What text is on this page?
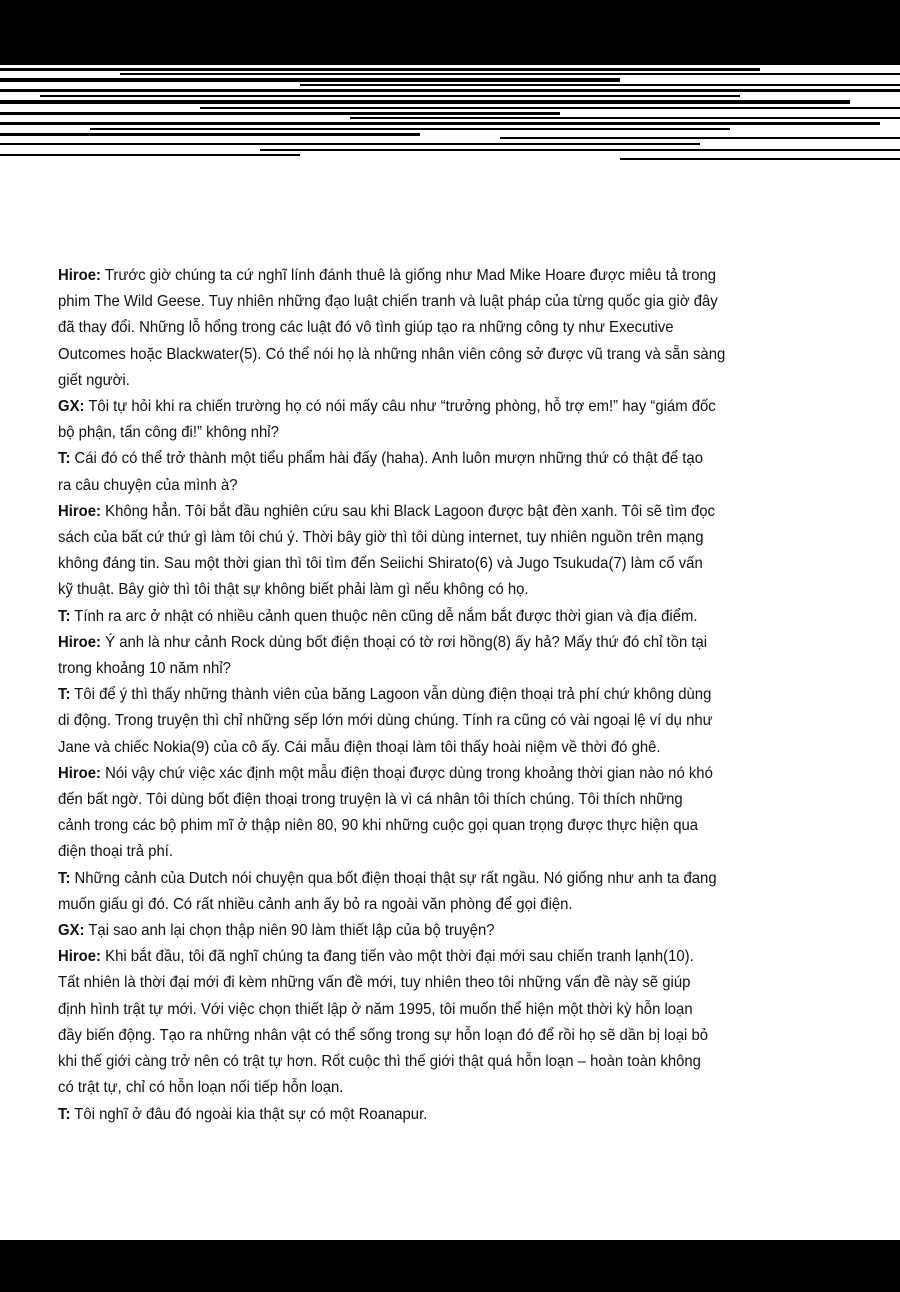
Hiroe: Trước giờ chúng ta cứ nghĩ lính đánh thuê là giống như Mad Mike Hoare được miêu tả trong
phim The Wild Geese. Tuy nhiên những đạo luật chiến tranh và luật pháp của từng quốc gia giờ đây
đã thay đổi. Những lỗ hổng trong các luật đó vô tình giúp tạo ra những công ty như Executive
Outcomes hoặc Blackwater(5). Có thể nói họ là những nhân viên công sở được vũ trang và sẵn sàng
giết người.
GX: Tôi tự hỏi khi ra chiến trường họ có nói mấy câu như “trưởng phòng, hỗ trợ em!” hay “giám đốc
bộ phận, tấn công đi!” không nhỉ?
T: Cái đó có thể trở thành một tiểu phẩm hài đấy (haha). Anh luôn mượn những thứ có thật để tạo
ra câu chuyện của mình à?
Hiroe: Không hẳn. Tôi bắt đầu nghiên cứu sau khi Black Lagoon được bật đèn xanh. Tôi sẽ tìm đọc
sách của bất cứ thứ gì làm tôi chú ý. Thời bây giờ thì tôi dùng internet, tuy nhiên nguồn trên mạng
không đáng tin. Sau một thời gian thì tôi tìm đến Seiichi Shirato(6) và Jugo Tsukuda(7) làm cố vấn
kỹ thuật. Bây giờ thì tôi thật sự không biết phải làm gì nếu không có họ.
T: Tính ra arc ở nhật có nhiều cảnh quen thuộc nên cũng dễ nắm bắt được thời gian và địa điểm.
Hiroe: Ý anh là như cảnh Rock dùng bốt điện thoại có tờ rơi hồng(8) ấy hả? Mấy thứ đó chỉ tồn tại
trong khoảng 10 năm nhỉ?
T: Tôi để ý thì thấy những thành viên của băng Lagoon vẫn dùng điện thoại trả phí chứ không dùng
di động. Trong truyện thì chỉ những sếp lớn mới dùng chúng. Tính ra cũng có vài ngoại lệ ví dụ như
Jane và chiếc Nokia(9) của cô ấy. Cái mẫu điện thoại làm tôi thấy hoài niệm về thời đó ghê.
Hiroe: Nói vậy chứ việc xác định một mẫu điện thoại được dùng trong khoảng thời gian nào nó khó
đến bất ngờ. Tôi dùng bốt điện thoại trong truyện là vì cá nhân tôi thích chúng. Tôi thích những
cảnh trong các bộ phim mĩ ở thập niên 80, 90 khi những cuộc gọi quan trọng được thực hiện qua
điện thoại trả phí.
T: Những cảnh của Dutch nói chuyện qua bốt điện thoại thật sự rất ngầu. Nó giống như anh ta đang
muốn giấu gì đó. Có rất nhiều cảnh anh ấy bỏ ra ngoài văn phòng để gọi điện.
GX: Tại sao anh lại chọn thập niên 90 làm thiết lập của bộ truyện?
Hiroe: Khi bắt đầu, tôi đã nghĩ chúng ta đang tiến vào một thời đại mới sau chiến tranh lạnh(10).
Tất nhiên là thời đại mới đi kèm những vấn đề mới, tuy nhiên theo tôi những vấn đề này sẽ giúp
định hình trật tự mới. Với việc chọn thiết lập ở năm 1995, tôi muốn thể hiện một thời kỳ hỗn loạn
đầy biến động. Tạo ra những nhân vật có thể sống trong sự hỗn loạn đó để rồi họ sẽ dần bị loại bỏ
khi thế giới càng trở nên có trật tự hơn. Rốt cuộc thì thế giới thật quá hỗn loạn – hoàn toàn không
có trật tự, chỉ có hỗn loạn nối tiếp hỗn loạn.
T: Tôi nghĩ ở đâu đó ngoài kia thật sự có một Roanapur.
